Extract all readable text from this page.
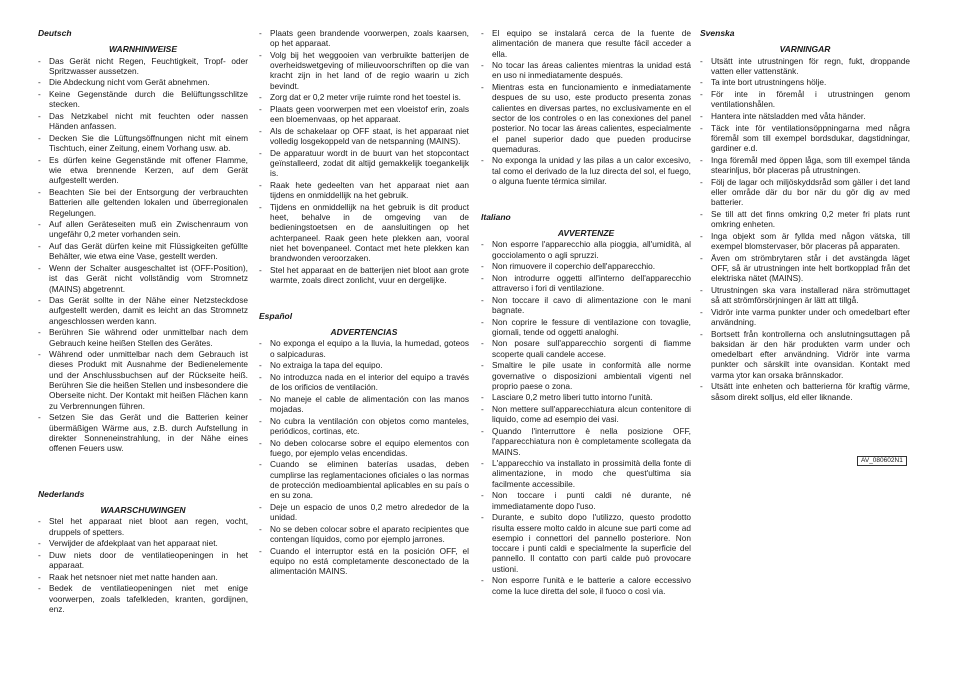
Deutsch
WARNHINWEISE
- Das Gerät nicht Regen, Feuchtigkeit, Tropf- oder Spritzwasser aussetzen.
- Die Abdeckung nicht vom Gerät abnehmen.
- Keine Gegenstände durch die Belüftungsschlitze stecken.
- Das Netzkabel nicht mit feuchten oder nassen Händen anfassen.
- Decken Sie die Lüftungsöffnungen nicht mit einem Tischtuch, einer Zeitung, einem Vorhang usw. ab.
- Es dürfen keine Gegenstände mit offener Flamme, wie etwa brennende Kerzen, auf dem Gerät aufgestellt werden.
- Beachten Sie bei der Entsorgung der verbrauchten Batterien alle geltenden lokalen und überregionalen Regelungen.
- Auf allen Geräteseiten muß ein Zwischenraum von ungefähr 0,2 meter vorhanden sein.
- Auf das Gerät dürfen keine mit Flüssigkeiten gefüllte Behälter, wie etwa eine Vase, gestellt werden.
- Wenn der Schalter ausgeschaltet ist (OFF-Position), ist das Gerät nicht vollständig vom Stromnetz (MAINS) abgetrennt.
- Das Gerät sollte in der Nähe einer Netzsteckdose aufgestellt werden, damit es leicht an das Stromnetz angeschlossen werden kann.
- Berühren Sie während oder unmittelbar nach dem Gebrauch keine heißen Stellen des Gerätes.
- Während oder unmittelbar nach dem Gebrauch ist dieses Produkt mit Ausnahme der Bedienelemente und der Anschlussbuchsen auf der Rückseite heiß. Berühren Sie die heißen Stellen und insbesondere die Oberseite nicht. Der Kontakt mit heißen Flächen kann zu Verbrennungen führen.
- Setzen Sie das Gerät und die Batterien keiner übermäßigen Wärme aus, z.B. durch Aufstellung in direkter Sonneneinstrahlung, in der Nähe eines offenen Feuers usw.
Nederlands
WAARSCHUWINGEN
- Stel het apparaat niet bloot aan regen, vocht, druppels of spetters.
- Verwijder de afdekplaat van het apparaat niet.
- Duw niets door de ventilatieopeningen in het apparaat.
- Raak het netsnoer niet met natte handen aan.
- Bedek de ventilatieopeningen niet met enige voorwerpen, zoals tafelkleden, kranten, gordijnen, enz.
- Plaats geen brandende voorwerpen, zoals kaarsen, op het apparaat.
- Volg bij het weggooien van verbruikte batterijen de overheidswetgeving of milieuvoorschriften op die van kracht zijn in het land of de regio waarin u zich bevindt.
- Zorg dat er 0,2 meter vrije ruimte rond het toestel is.
- Plaats geen voorwerpen met een vloeistof erin, zoals een bloemenvaas, op het apparaat.
- Als de schakelaar op OFF staat, is het apparaat niet volledig losgekoppeld van de netspanning (MAINS).
- De apparatuur wordt in de buurt van het stopcontact geïnstalleerd, zodat dit altijd gemakkelijk toegankelijk is.
- Raak hete gedeelten van het apparaat niet aan tijdens en onmiddellijk na het gebruik.
- Tijdens en onmiddellijk na het gebruik is dit product heet, behalve in de omgeving van de bedieningstoetsen en de aansluitingen op het achterpaneel. Raak geen hete plekken aan, vooral niet het bovenpaneel. Contact met hete plekken kan brandwonden veroorzaken.
- Stel het apparaat en de batterijen niet bloot aan grote warmte, zoals direct zonlicht, vuur en dergelijke.
Español
ADVERTENCIAS
- No exponga el equipo a la lluvia, la humedad, goteos o salpicaduras.
- No extraiga la tapa del equipo.
- No introduzca nada en el interior del equipo a través de los orificios de ventilación.
- No maneje el cable de alimentación con las manos mojadas.
- No cubra la ventilación con objetos como manteles, periódicos, cortinas, etc.
- No deben colocarse sobre el equipo elementos con fuego, por ejemplo velas encendidas.
- Cuando se eliminen baterías usadas, deben cumplirse las reglamentaciones oficiales o las normas de protección medioambiental aplicables en su país o en su zona.
- Deje un espacio de unos 0,2 metro alrededor de la unidad.
- No se deben colocar sobre el aparato recipientes que contengan líquidos, como por ejemplo jarrones.
- Cuando el interruptor está en la posición OFF, el equipo no está completamente desconectado de la alimentación MAINS.
- El equipo se instalará cerca de la fuente de alimentación de manera que resulte fácil acceder a ella.
- No tocar las áreas calientes mientras la unidad está en uso ni inmediatamente después.
- Mientras esta en funcionamiento e inmediatamente despues de su uso, este producto presenta zonas calientes en diversas partes, no exclusivamente en el sector de los controles o en las conexiones del panel posterior. No tocar las áreas calientes, especialmente el panel superior dado que pueden producirse quemaduras.
- No exponga la unidad y las pilas a un calor excesivo, tal como el derivado de la luz directa del sol, el fuego, o alguna fuente térmica similar.
Italiano
AVVERTENZE
- Non esporre l'apparecchio alla pioggia, all'umidità, al gocciolamento o agli spruzzi.
- Non rimuovere il coperchio dell'apparecchio.
- Non introdurre oggetti all'interno dell'apparecchio attraverso i fori di ventilazione.
- Non toccare il cavo di alimentazione con le mani bagnate.
- Non coprire le fessure di ventilazione con tovaglie, giornali, tende od oggetti analoghi.
- Non posare sull'apparecchio sorgenti di fiamme scoperte quali candele accese.
- Smaltire le pile usate in conformità alle norme governative o disposizioni ambientali vigenti nel proprio paese o zona.
- Lasciare 0,2 metro liberi tutto intorno l'unità.
- Non mettere sull'apparecchiatura alcun contenitore di liquido, come ad esempio dei vasi.
- Quando l'interruttore è nella posizione OFF, l'apparecchiatura non è completamente scollegata da MAINS.
- L'apparecchio va installato in prossimità della fonte di alimentazione, in modo che quest'ultima sia facilmente accessibile.
- Non toccare i punti caldi né durante, né immediatamente dopo l'uso.
- Durante, e subito dopo l'utilizzo, questo prodotto risulta essere molto caldo in alcune sue parti come ad esempio i connettori del pannello posteriore. Non toccare i punti caldi e specialmente la superficie del pannello. Il contatto con parti calde può provocare ustioni.
- Non esporre l'unità e le batterie a calore eccessivo come la luce diretta del sole, il fuoco o così via.
Svenska
VARNINGAR
- Utsätt inte utrustningen för regn, fukt, droppande vatten eller vattenstänk.
- Ta inte bort utrustningens hölje.
- För inte in föremål i utrustningen genom ventilationshålen.
- Hantera inte nätsladden med våta händer.
- Täck inte för ventilationsöppningarna med några föremål som till exempel bordsdukar, dagstidningar, gardiner e.d.
- Inga föremål med öppen låga, som till exempel tända stearinljus, bör placeras på utrustningen.
- Följ de lagar och miljöskyddsråd som gäller i det land eller område där du bor när du gör dig av med batterier.
- Se till att det finns omkring 0,2 meter fri plats runt omkring enheten.
- Inga objekt som är fyllda med någon vätska, till exempel blomstervaser, bör placeras på apparaten.
- Även om strömbrytaren står i det avstängda läget OFF, så är utrustningen inte helt bortkopplad från det elektriska nätet (MAINS).
- Utrustningen ska vara installerad nära strömuttaget så att strömförsörjningen är lätt att tillgå.
- Vidrör inte varma punkter under och omedelbart efter användning.
- Bortsett från kontrollerna och anslutningsuttagen på baksidan är den här produkten varm under och omedelbart efter användning. Vidrör inte varma punkter och särskilt inte ovansidan. Kontakt med varma ytor kan orsaka brännskador.
- Utsätt inte enheten och batterierna för kraftig värme, såsom direkt solljus, eld eller liknande.
AV_080602N1
